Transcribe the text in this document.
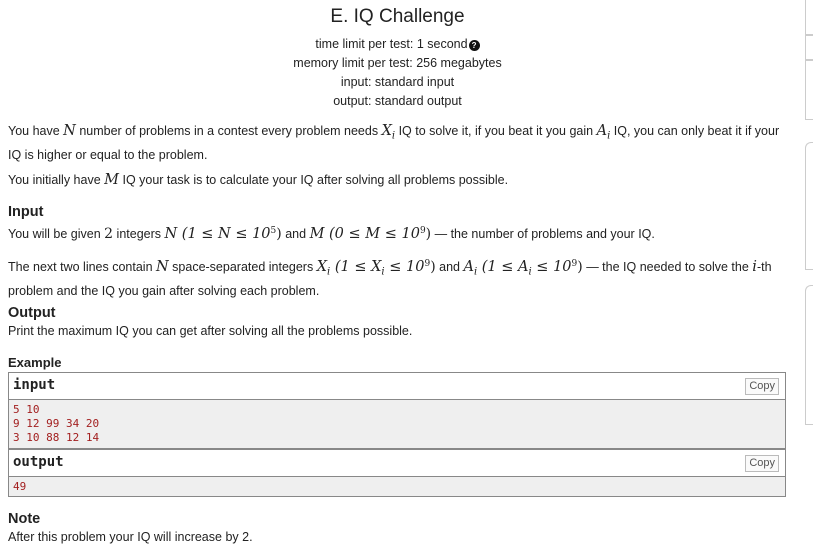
E. IQ Challenge
time limit per test: 1 second ?
memory limit per test: 256 megabytes
input: standard input
output: standard output
You have N number of problems in a contest every problem needs $X_i$ IQ to solve it, if you beat it you gain $A_i$ IQ, you can only beat it if your IQ is higher or equal to the problem.
You initially have M IQ your task is to calculate your IQ after solving all problems possible.
Input
You will be given 2 integers N $(1 \le N \le 10^5)$ and M $(0 \le M \le 10^9)$ — the number of problems and your IQ.
The next two lines contain N space-separated integers $X_i$ $(1 \le X_i \le 10^9)$ and $A_i$ $(1 \le A_i \le 10^9)$ — the IQ needed to solve the i-th problem and the IQ you gain after solving each problem.
Output
Print the maximum IQ you can get after solving all the problems possible.
Example
input	Copy
5 10
9 12 99 34 20
3 10 88 12 14
output	Copy
49
Note
After this problem your IQ will increase by 2.
